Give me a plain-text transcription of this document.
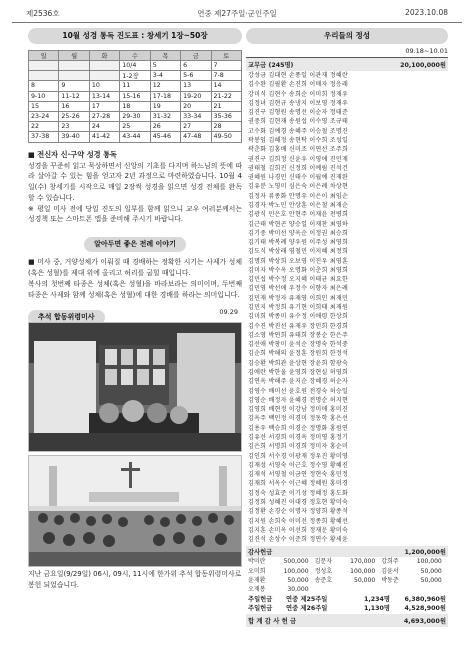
제2536호	연중 제27주일·군인주일	2023.10.08
10월 성경 통독 진도표 : 창세기 1장~50장
일	월	화	수	목	금	토
			10/4	5	6	7
			1-2장	3-4	5-6	7-8
8	9	10	11	12	13	14
9-10	11-12	13-14	15-16	17-18	19-20	21-22
15	16	17	18	19	20	21
23-24	25-26	27-28	29-30	31-32	33-34	35-36
22	23	24	25	26	27	28
37-38	39-40	41-42	43-44	45-46	47-48	49-50
■ 전신자 신·구약 성경 통독
성경을 꾸준히 읽고 묵상하면서 신앙의 기초를 다지며 하느님의 뜻에 따라 살아갈 수 있는 힘을 얻고자 2년 과정으로 마련하였습니다. 10월 4일(수) 창세기를 시작으로 매일 2장씩 성경을 읽으면 성경 전체를 완독할 수 있습니다.
※ 평일 미사 전에 당일 진도의 일부를 함께 읽으니 교우 여러분께서는 성경책 또는 스마트폰 앱을 준비해 주시기 바랍니다.
알아두면 좋은 전례 이야기
■ 미사 중, 거양성체가 이뤄질 때 경배하는 정확한 시기는 사제가 성체(혹은 성혈)를 제대 위에 올리고 허리를 굽힐 때입니다.
복사의 첫번째 타종은 성체(혹은 성혈)을 바라보라는 의미이며, 두번째 타종은 사제와 함께 성체(혹은 성혈)에 대한 경배를 하라는 의미입니다.
추석 합동위령미사
09.29
지난 금요일(9/29일) 06시, 09시, 11시에 한가위 추석 합동위령미사로 봉헌 되었습니다.
우리들의 정성
09.18~10.01
교무금 (245명)	20,100,000원
강성금 김대현 손풍일 이관재 정혜란
김수완 김필환 손진희 이매자 정응래
강미식 김현수 송희순 이미희 정재우
김정녀 김현규 송냉지 이보영 정재우
김진구 김형원 송명선 이순자 정태준
권중희 김현재 송원섭 이수영 조규태
고수화 김예경 송혜주 이승철 조명진
곽봉임 김혜정 송현탁 이수희 조성일
곽춘화 김홍배 신미조 이연선 조주희
권진구 김희정 신윤우 이영애 진민재
권태철 김희진 신정희 이예림 진석건
권혜원 나경민 신태수 이월예 진재완
김유분 노영미 심은숙 이은례 차상현
김정자 류종화 안명우 이은이 최임순
김경자 박노민 안상훈 이은철 최재순
김광식 민은호 안현주 이재윤 천병희
김근태 박현곤 양승일 이재찬 최영하
김기중 박미선 양옥순 이정권 최승희
김기태 박복례 양우원 이주성 최영희
김도식 박상래 염철민 이지혜 최정희
김명희 박상희 오보영 이진우 최영훈
김미자 박수옥 오명화 이춘희 최영희
김민섭 박수정 오지혜 이태균 최요한
김민영 박선애 우정수 이향자 최은례
김민재 박정자 유재영 이희민 최재민
김민지 박정희 유기현 이희태 최재원
김미희 박종미 유수정 이애령 한상희
김수진 박진선 유재우 장민희 한경희
김소영 박연희 유태희 장봉순 한은주
김선애 박창미 윤석순 장명숙 한석중
김순희 박해의 윤정훈 장원희 한정석
김승환 박희관 윤상현 장윤희 함광숙
김애란 박한울 윤영희 장현실 허영희
김연옥 박해주 윤지순 장혜경 허순자
김영수 배미선 윤호원 전경숙 허승일
김영순 배정자 윤혜경 전명순 허지현
김영희 배현정 이강남 정미애 홍미진
김옥주 백민정 이경미 정동학 홍은선
김용우 백승희 이경순 정명화 홍원연
김유선 서경희 이경옥 정미영 홍정기
김은희 서명희 이경희 정미자 홍순미
김인희 서수경 이광재 정우진 황미영
김재성 서영숙 이근호 정수영 황혜진
김재석 서영철 이금연 정현숙 홍민정
김재희 서옥수 이근혜 정혜원 홍미경
김정숙 성효준 이기성 정혜정 홍도화
김정희 성혜진 이대경 정호현 황미숙
김정환 손경순 이명자 정양희 황종석
김지원 손희숙 이미선 정종희 황혜선
김지훈 손미옥 이선희 정재운 황미숙
김진석 손상수 이준희 정연수 황세윤
감사헌금	1,200,000원
박미란	500,000 김문자	170,000 강희주	100,000
오미희	100,000 정성호	100,000 김윤서	50,000
윤재환	50,000 송준호	50,000 박동준	50,000
오재봉	30,000
주일헌금	연중 제25주일	1,234명	6,380,960원
주일헌금	연중 제26주일	1,130명	4,528,900원
합 계 감 사 헌 금	4,693,000원
